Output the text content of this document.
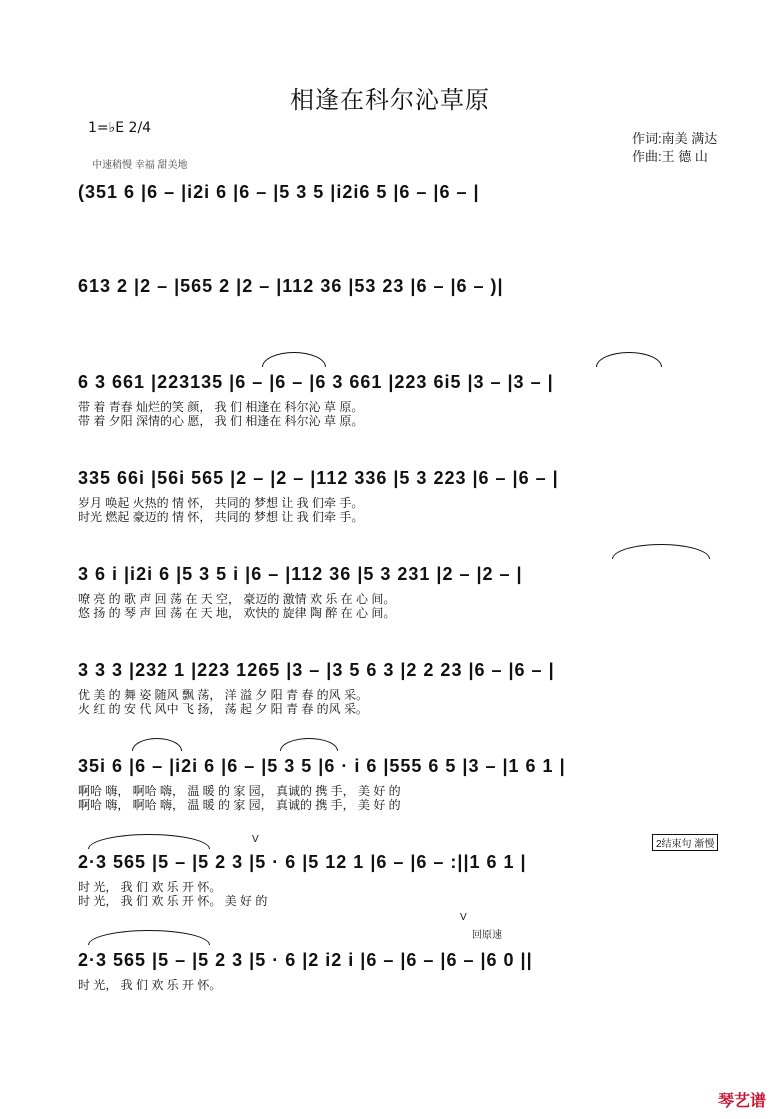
相逢在科尔沁草原
1=♭E 2/4
中速稍慢 幸福 甜美地
作词:南美 满达
作曲:王 德 山
(351 6 |6 – |i2i 6 |6 – |5 3 5 |i2i6 5 |6 – |6 – |
613 2 |2 – |565 2 |2 – |112 36 |53 23 |6 – |6 – )|
6 3 661 |223135 |6 – |6 – |6 3 661 |223 6i5 |3 – |3 – |
带 着 青春 灿烂的笑 颜， 我 们 相逢在 科尔沁 草 原。
带 着 夕阳 深情的心 愿， 我 们 相逢在 科尔沁 草 原。
335 66i |56i 565 |2 – |2 – |112 336 |5 3 223 |6 – |6 – |
岁月 唤起 火热的 情 怀， 共同的 梦想 让 我 们牵 手。
时光 燃起 豪迈的 情 怀， 共同的 梦想 让 我 们牵 手。
3 6 i |i2i 6 |5 3 5 i |6 – |112 36 |5 3 231 |2 – |2 – |
嘹 亮 的 歌 声 回 荡 在 天 空， 豪迈的 激情 欢 乐 在 心 间。
悠 扬 的 琴 声 回 荡 在 天 地， 欢快的 旋律 陶 醉 在 心 间。
3 3 3 |232 1 |223 1265 |3 – |3 5 6 3 |2 2 23 |6 – |6 – |
优 美 的 舞 姿 随风 飘 荡， 洋 溢 夕 阳 青 春 的风 采。
火 红 的 安 代 风中 飞 扬， 荡 起 夕 阳 青 春 的风 采。
35i 6 |6 – |i2i 6 |6 – |5 3 5 |6 · i 6 |555 6 5 |3 – |1 6 1 |
啊哈 嗨， 啊哈 嗨， 温 暖 的 家 园， 真诚的 携 手， 美 好 的
啊哈 嗨， 啊哈 嗨， 温 暖 的 家 园， 真诚的 携 手， 美 好 的
2结束句 渐慢
V
2·3 565 |5 – |5 2 3 |5 · 6 |5 12 1 |6 – |6 – :||1 6 1 |
时 光， 我 们 欢 乐 开 怀。
时 光， 我 们 欢 乐 开 怀。 美 好 的
V
回原速
2·3 565 |5 – |5 2 3 |5 · 6 |2 i2 i |6 – |6 – |6 – |6 0 ||
时 光， 我 们 欢 乐 开 怀。
琴艺谱
